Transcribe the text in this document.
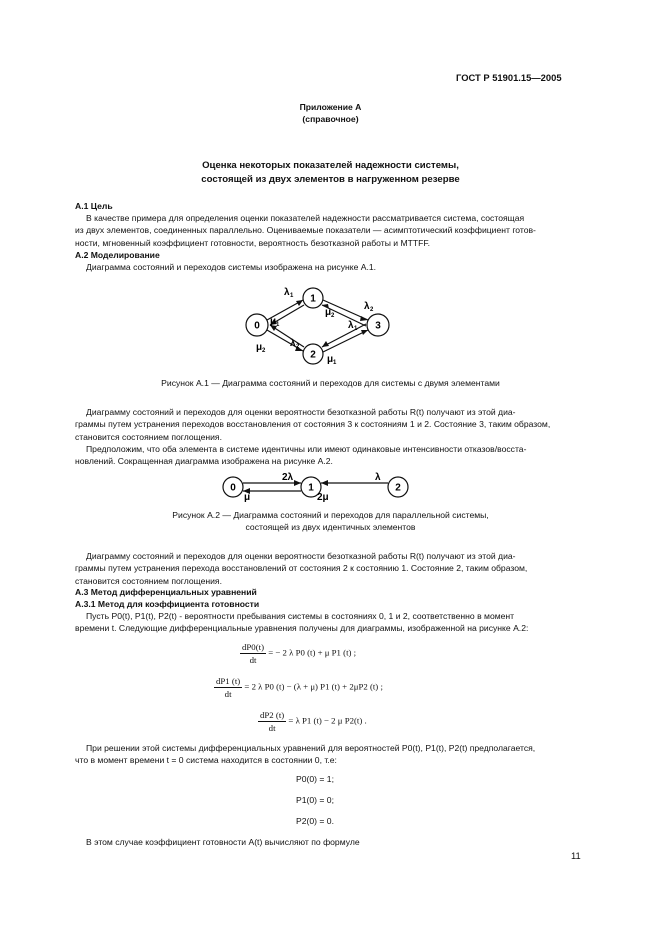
ГОСТ Р 51901.15—2005
Приложение А
(справочное)
Оценка некоторых показателей надежности системы,
состоящей из двух элементов в нагруженном резерве
А.1 Цель
В качестве примера для определения оценки показателей надежности рассматривается система, состоящая
из двух элементов, соединенных параллельно. Оцениваемые показатели — асимптотический коэффициент готов-
ности, мгновенный коэффициент готовности, вероятность безотказной работы и MTTFF.
А.2 Моделирование
Диаграмма состояний и переходов системы изображена на рисунке А.1.
0
1
2
3
λ 1
μ 1
λ 2
μ 2
λ 1
λ 2
μ 2
μ 1
Рисунок А.1 — Диаграмма состояний и переходов для системы с двумя элементами
Диаграмму состояний и переходов для оценки вероятности безотказной работы R(t) получают из этой диа-
граммы путем устранения переходов восстановления от состояния 3 к состояниям 1 и 2. Состояние 3, таким образом,
становится состоянием поглощения.
Предположим, что оба элемента в системе идентичны или имеют одинаковые интенсивности отказов/восста-
новлений. Сокращенная диаграмма изображена на рисунке А.2.
0	1	2
2λ
μ
λ
2μ
Рисунок А.2 — Диаграмма состояний и переходов для параллельной системы,
состоящей из двух идентичных элементов
Диаграмму состояний и переходов для оценки вероятности безотказной работы R(t) получают из этой диа-
граммы путем устранения перехода восстановлений от состояния 2 к состоянию 1. Состояние 2, таким образом,
становится состоянием поглощения.
А.3 Метод дифференциальных уравнений
А.3.1 Метод для коэффициента готовности
Пусть P0(t), P1(t), P2(t) - вероятности пребывания системы в состояниях 0, 1 и 2, соответственно в момент
времени t. Следующие дифференциальные уравнения получены для диаграммы, изображенной на рисунке А.2:
$\frac{dP0(t)}{dt}$ = − 2 λ P0 (t) + μ P1 (t) ;
$\frac{dP1 (t)}{dt} = 2$ λ P0 (t) − (λ + μ) P1 (t) + 2μP2 (t) ;
$\frac{dP2 (t)}{dt} = \lambda$ P1 (t) − 2 μ P2(t) .
При решении этой системы дифференциальных уравнений для вероятностей P0(t), P1(t), P2(t) предполагается,
что в момент времени t = 0 система находится в состоянии 0, т.е:
P0(0) = 1;
P1(0) = 0;
P2(0) = 0.
В этом случае коэффициент готовности A(t) вычисляют по формуле
11
